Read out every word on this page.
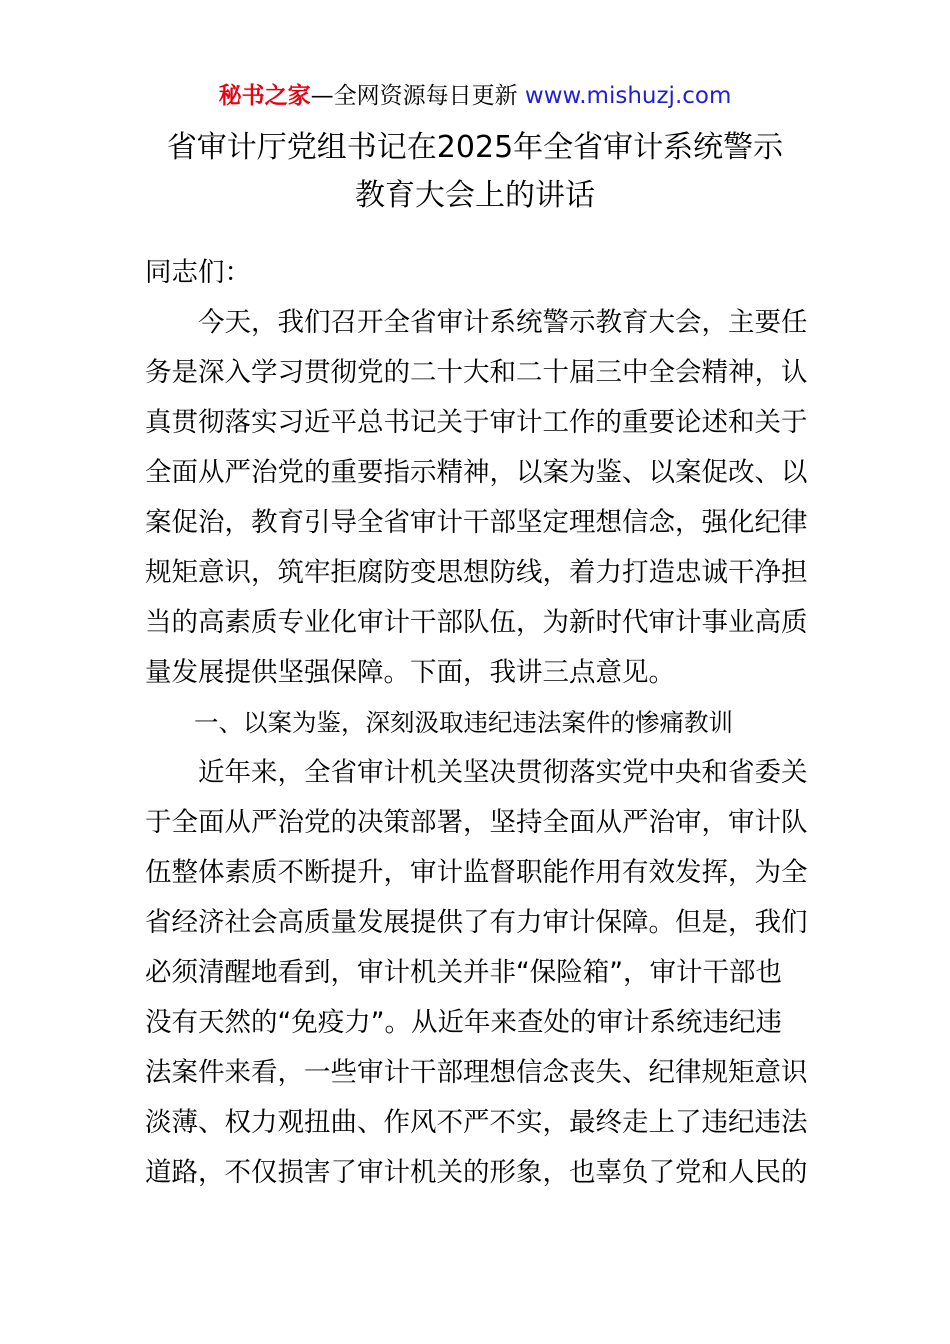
秘书之家—全网资源每日更新 www.mishuzj.com
省审计厅党组书记在2025年全省审计系统警示
教育大会上的讲话
同志们：
　　今天，我们召开全省审计系统警示教育大会，主要任
务是深入学习贯彻党的二十大和二十届三中全会精神，认
真贯彻落实习近平总书记关于审计工作的重要论述和关于
全面从严治党的重要指示精神，以案为鉴、以案促改、以
案促治，教育引导全省审计干部坚定理想信念，强化纪律
规矩意识，筑牢拒腐防变思想防线，着力打造忠诚干净担
当的高素质专业化审计干部队伍，为新时代审计事业高质
量发展提供坚强保障。下面，我讲三点意见。
　　一、以案为鉴，深刻汲取违纪违法案件的惨痛教训
　　近年来，全省审计机关坚决贯彻落实党中央和省委关
于全面从严治党的决策部署，坚持全面从严治审，审计队
伍整体素质不断提升，审计监督职能作用有效发挥，为全
省经济社会高质量发展提供了有力审计保障。但是，我们
必须清醒地看到，审计机关并非“保险箱”，审计干部也
没有天然的“免疫力”。从近年来查处的审计系统违纪违
法案件来看，一些审计干部理想信念丧失、纪律规矩意识
淡薄、权力观扭曲、作风不严不实，最终走上了违纪违法
道路，不仅损害了审计机关的形象，也辜负了党和人民的
